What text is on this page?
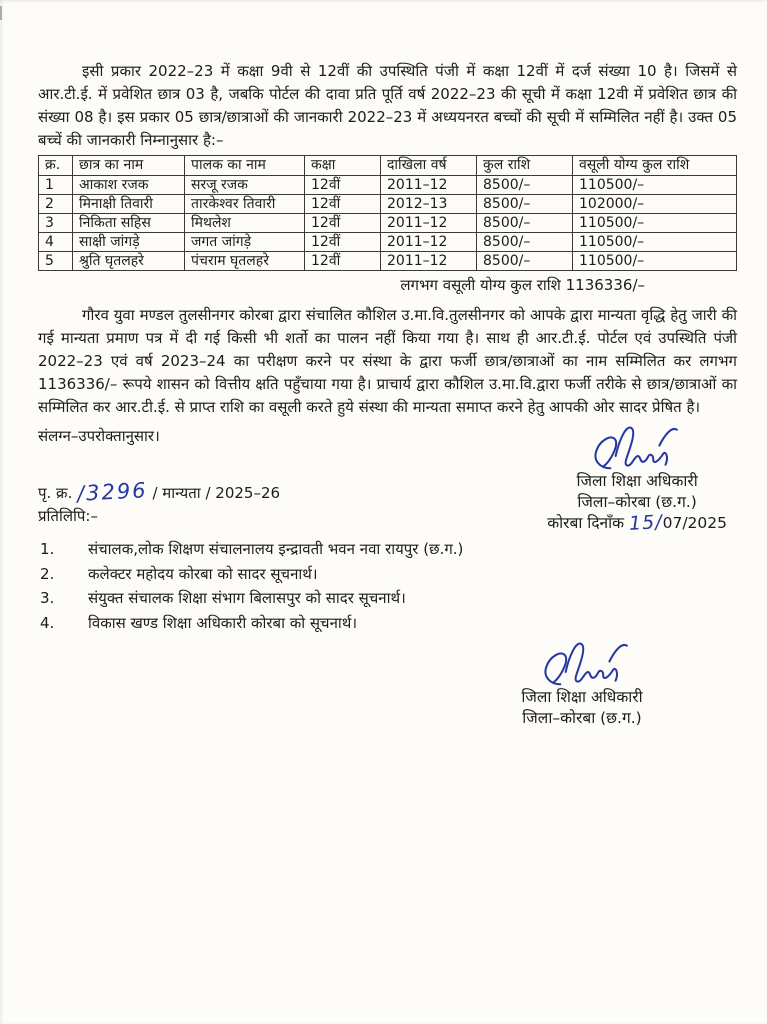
इसी प्रकार 2022–23 में कक्षा 9वी से 12वीं की उपस्थिति पंजी में कक्षा 12वीं में दर्ज संख्या 10 है। जिसमें से आर.टी.ई. में प्रवेशित छात्र 03 है, जबकि पोर्टल की दावा प्रति पूर्ति वर्ष 2022–23 की सूची में कक्षा 12वी में प्रवेशित छात्र की संख्या 08 है। इस प्रकार 05 छात्र/छात्राओं की जानकारी 2022–23 में अध्ययनरत बच्चों की सूची में सम्मिलित नहीं है। उक्त 05 बच्चें की जानकारी निम्नानुसार है:–

क्र.	छात्र का नाम	पालक का नाम	कक्षा	दाखिला वर्ष	कुल राशि	वसूली योग्य कुल राशि
1	आकाश रजक	सरजू रजक	12वीं	2011–12	8500/–	110500/–
2	मिनाक्षी तिवारी	तारकेश्वर तिवारी	12वीं	2012–13	8500/–	102000/–
3	निकिता सहिस	मिथलेश	12वीं	2011–12	8500/–	110500/–
4	साक्षी जांगड़े	जगत जांगड़े	12वीं	2011–12	8500/–	110500/–
5	श्रुति घृतलहरे	पंचराम घृतलहरे	12वीं	2011–12	8500/–	110500/–
लगभग वसूली योग्य कुल राशि 1136336/–

गौरव युवा मण्डल तुलसीनगर कोरबा द्वारा संचालित कौशिल उ.मा.वि.तुलसीनगर को आपके द्वारा मान्यता वृद्धि हेतु जारी की गई मान्यता प्रमाण पत्र में दी गई किसी भी शर्तो का पालन नहीं किया गया है। साथ ही आर.टी.ई. पोर्टल एवं उपस्थिति पंजी 2022–23 एवं वर्ष 2023–24 का परीक्षण करने पर संस्था के द्वारा फर्जी छात्र/छात्राओं का नाम सम्मिलित कर लगभग 1136336/– रूपये शासन को वित्तीय क्षति पहुँचाया गया है। प्राचार्य द्वारा कौशिल उ.मा.वि.द्वारा फर्जी तरीके से छात्र/छात्राओं का सम्मिलित कर आर.टी.ई. से प्राप्त राशि का वसूली करते हुये संस्था की मान्यता समाप्त करने हेतु आपकी ओर सादर प्रेषित है।

संलग्न–उपरोक्तानुसार।
पृ. क्र. /3296 / मान्यता / 2025–26
प्रतिलिपि:–
जिला शिक्षा अधिकारी
जिला–कोरबा (छ.ग.)
कोरबा दिनाँक 15/07/2025
1.	संचालक,लोक शिक्षण संचालनालय इन्द्रावती भवन नवा रायपुर (छ.ग.)
2.	कलेक्टर महोदय कोरबा को सादर सूचनार्थ।
3.	संयुक्त संचालक शिक्षा संभाग बिलासपुर को सादर सूचनार्थ।
4.	विकास खण्ड शिक्षा अधिकारी कोरबा को सूचनार्थ।
जिला शिक्षा अधिकारी
जिला–कोरबा (छ.ग.)
